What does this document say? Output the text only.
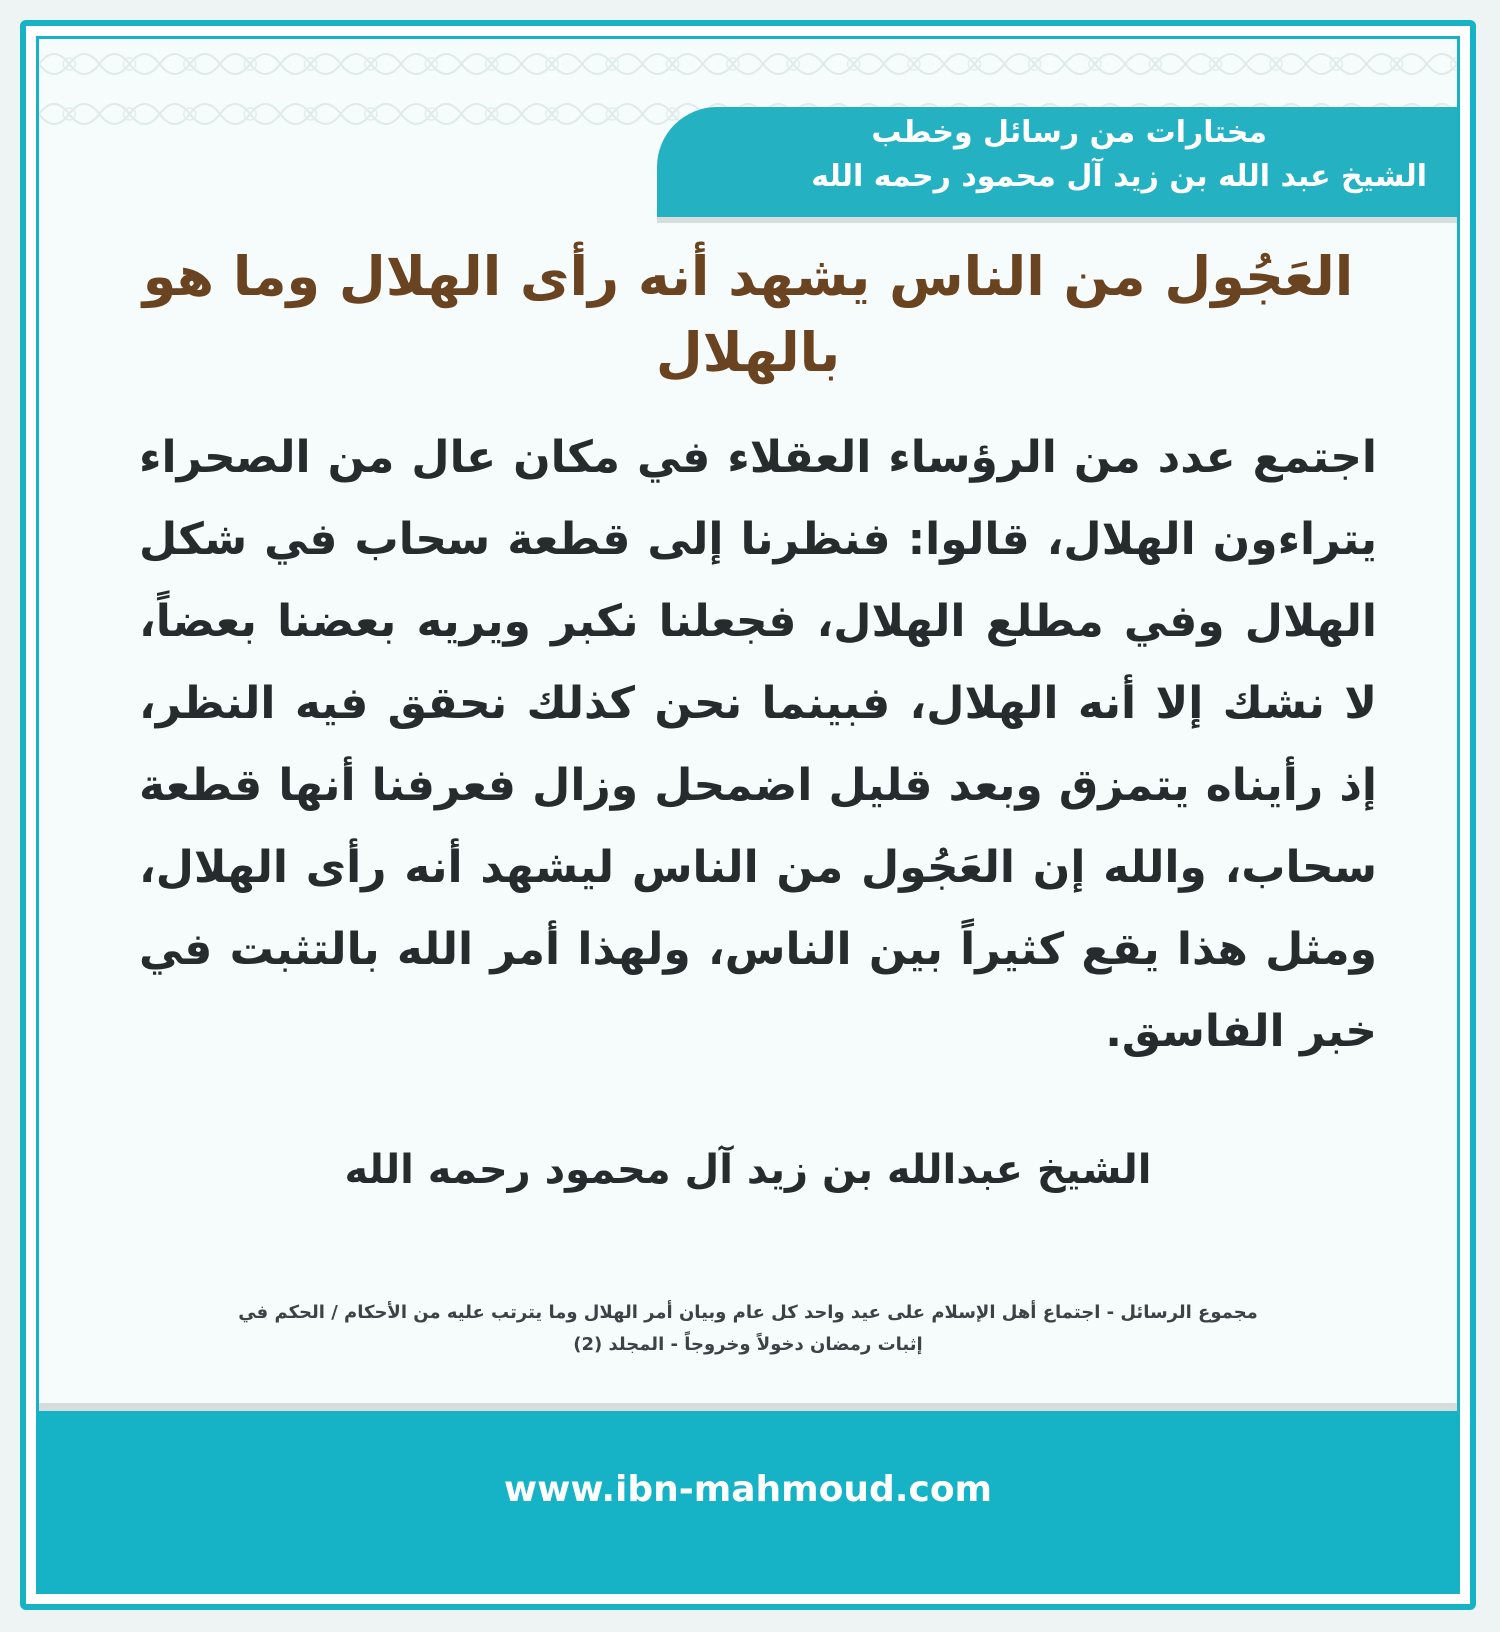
مختارات من رسائل وخطب
الشيخ عبد الله بن زيد آل محمود رحمه الله
العَجُول من الناس يشهد أنه رأى الهلال وما هو بالهلال
اجتمع عدد من الرؤساء العقلاء في مكان عال من الصحراء يتراءون الهلال، قالوا: فنظرنا إلى قطعة سحاب في شكل الهلال وفي مطلع الهلال، فجعلنا نكبر ويريه بعضنا بعضاً، لا نشك إلا أنه الهلال، فبينما نحن كذلك نحقق فيه النظر، إذ رأيناه يتمزق وبعد قليل اضمحل وزال فعرفنا أنها قطعة سحاب، والله إن العَجُول من الناس ليشهد أنه رأى الهلال، ومثل هذا يقع كثيراً بين الناس، ولهذا أمر الله بالتثبت في خبر الفاسق.
الشيخ عبدالله بن زيد آل محمود رحمه الله
مجموع الرسائل - اجتماع أهل الإسلام على عيد واحد كل عام وبيان أمر الهلال وما يترتب عليه من الأحكام / الحكم في
إثبات رمضان دخولاً وخروجاً - المجلد (2)
www.ibn-mahmoud.com
